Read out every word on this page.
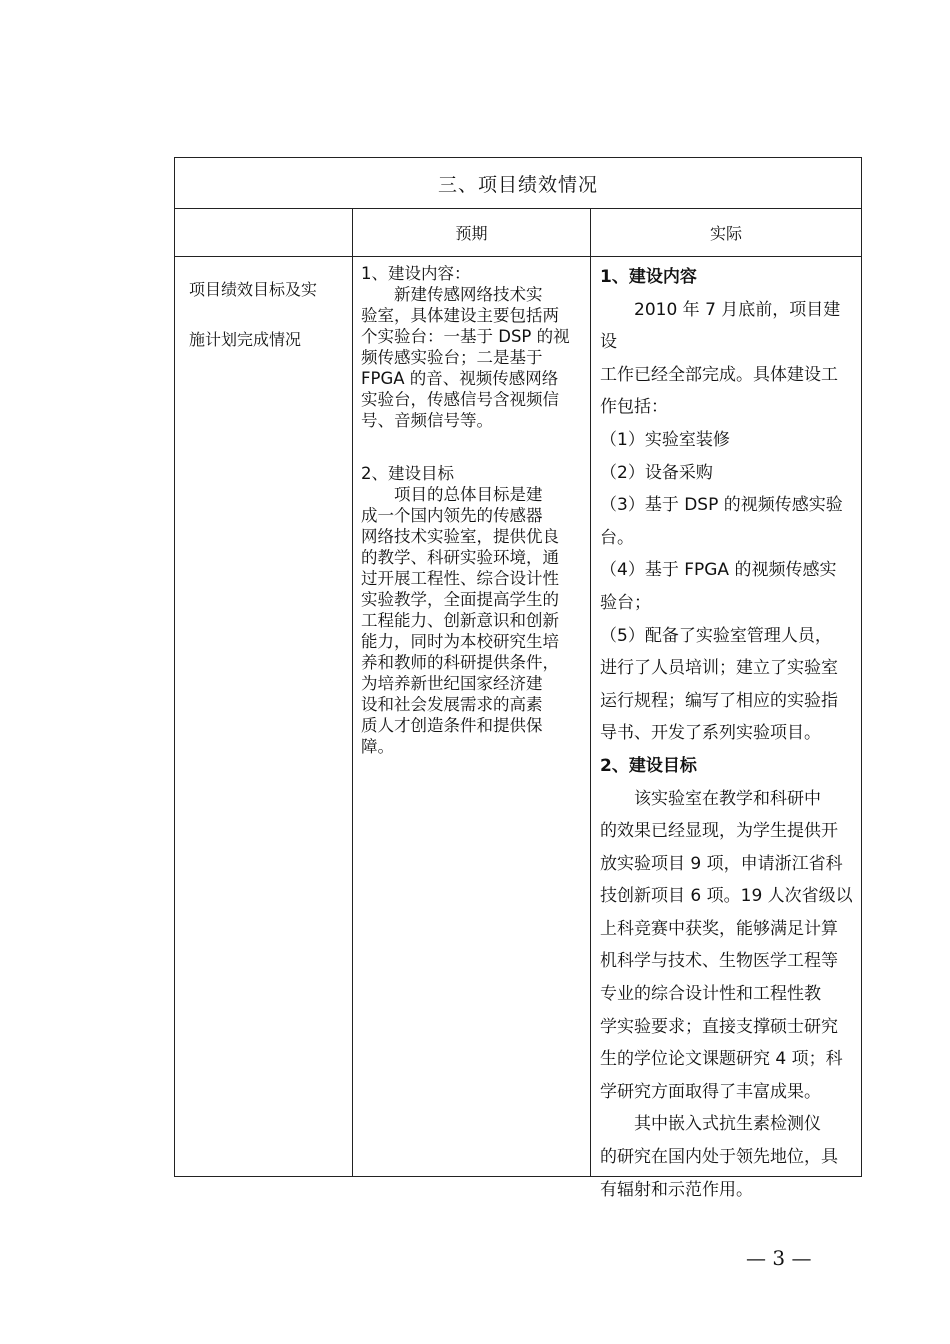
三、项目绩效情况
预期	实际

项目绩效目标及实

施计划完成情况

1、建设内容：

新建传感网络技术实

验室，具体建设主要包括两

个实验台：一基于 DSP 的视

频传感实验台；二是基于

FPGA 的音、视频传感网络

实验台，传感信号含视频信

号、音频信号等。

2、建设目标

项目的总体目标是建

成一个国内领先的传感器

网络技术实验室，提供优良

的教学、科研实验环境，通

过开展工程性、综合设计性

实验教学，全面提高学生的

工程能力、创新意识和创新

能力，同时为本校研究生培

养和教师的科研提供条件，

为培养新世纪国家经济建

设和社会发展需求的高素

质人才创造条件和提供保

障。

1、建设内容

2010 年 7 月底前，项目建设

工作已经全部完成。具体建设工

作包括：

（1）实验室装修

（2）设备采购

（3）基于 DSP 的视频传感实验

台。

（4）基于 FPGA 的视频传感实

验台；

（5）配备了实验室管理人员，

进行了人员培训；建立了实验室

运行规程；编写了相应的实验指

导书、开发了系列实验项目。

2、建设目标

该实验室在教学和科研中

的效果已经显现，为学生提供开

放实验项目 9 项，申请浙江省科

技创新项目 6 项。19 人次省级以

上科竞赛中获奖，能够满足计算

机科学与技术、生物医学工程等

专业的综合设计性和工程性教

学实验要求；直接支撑硕士研究

生的学位论文课题研究 4 项；科

学研究方面取得了丰富成果。

其中嵌入式抗生素检测仪

的研究在国内处于领先地位，具

有辐射和示范作用。

— 3 —
